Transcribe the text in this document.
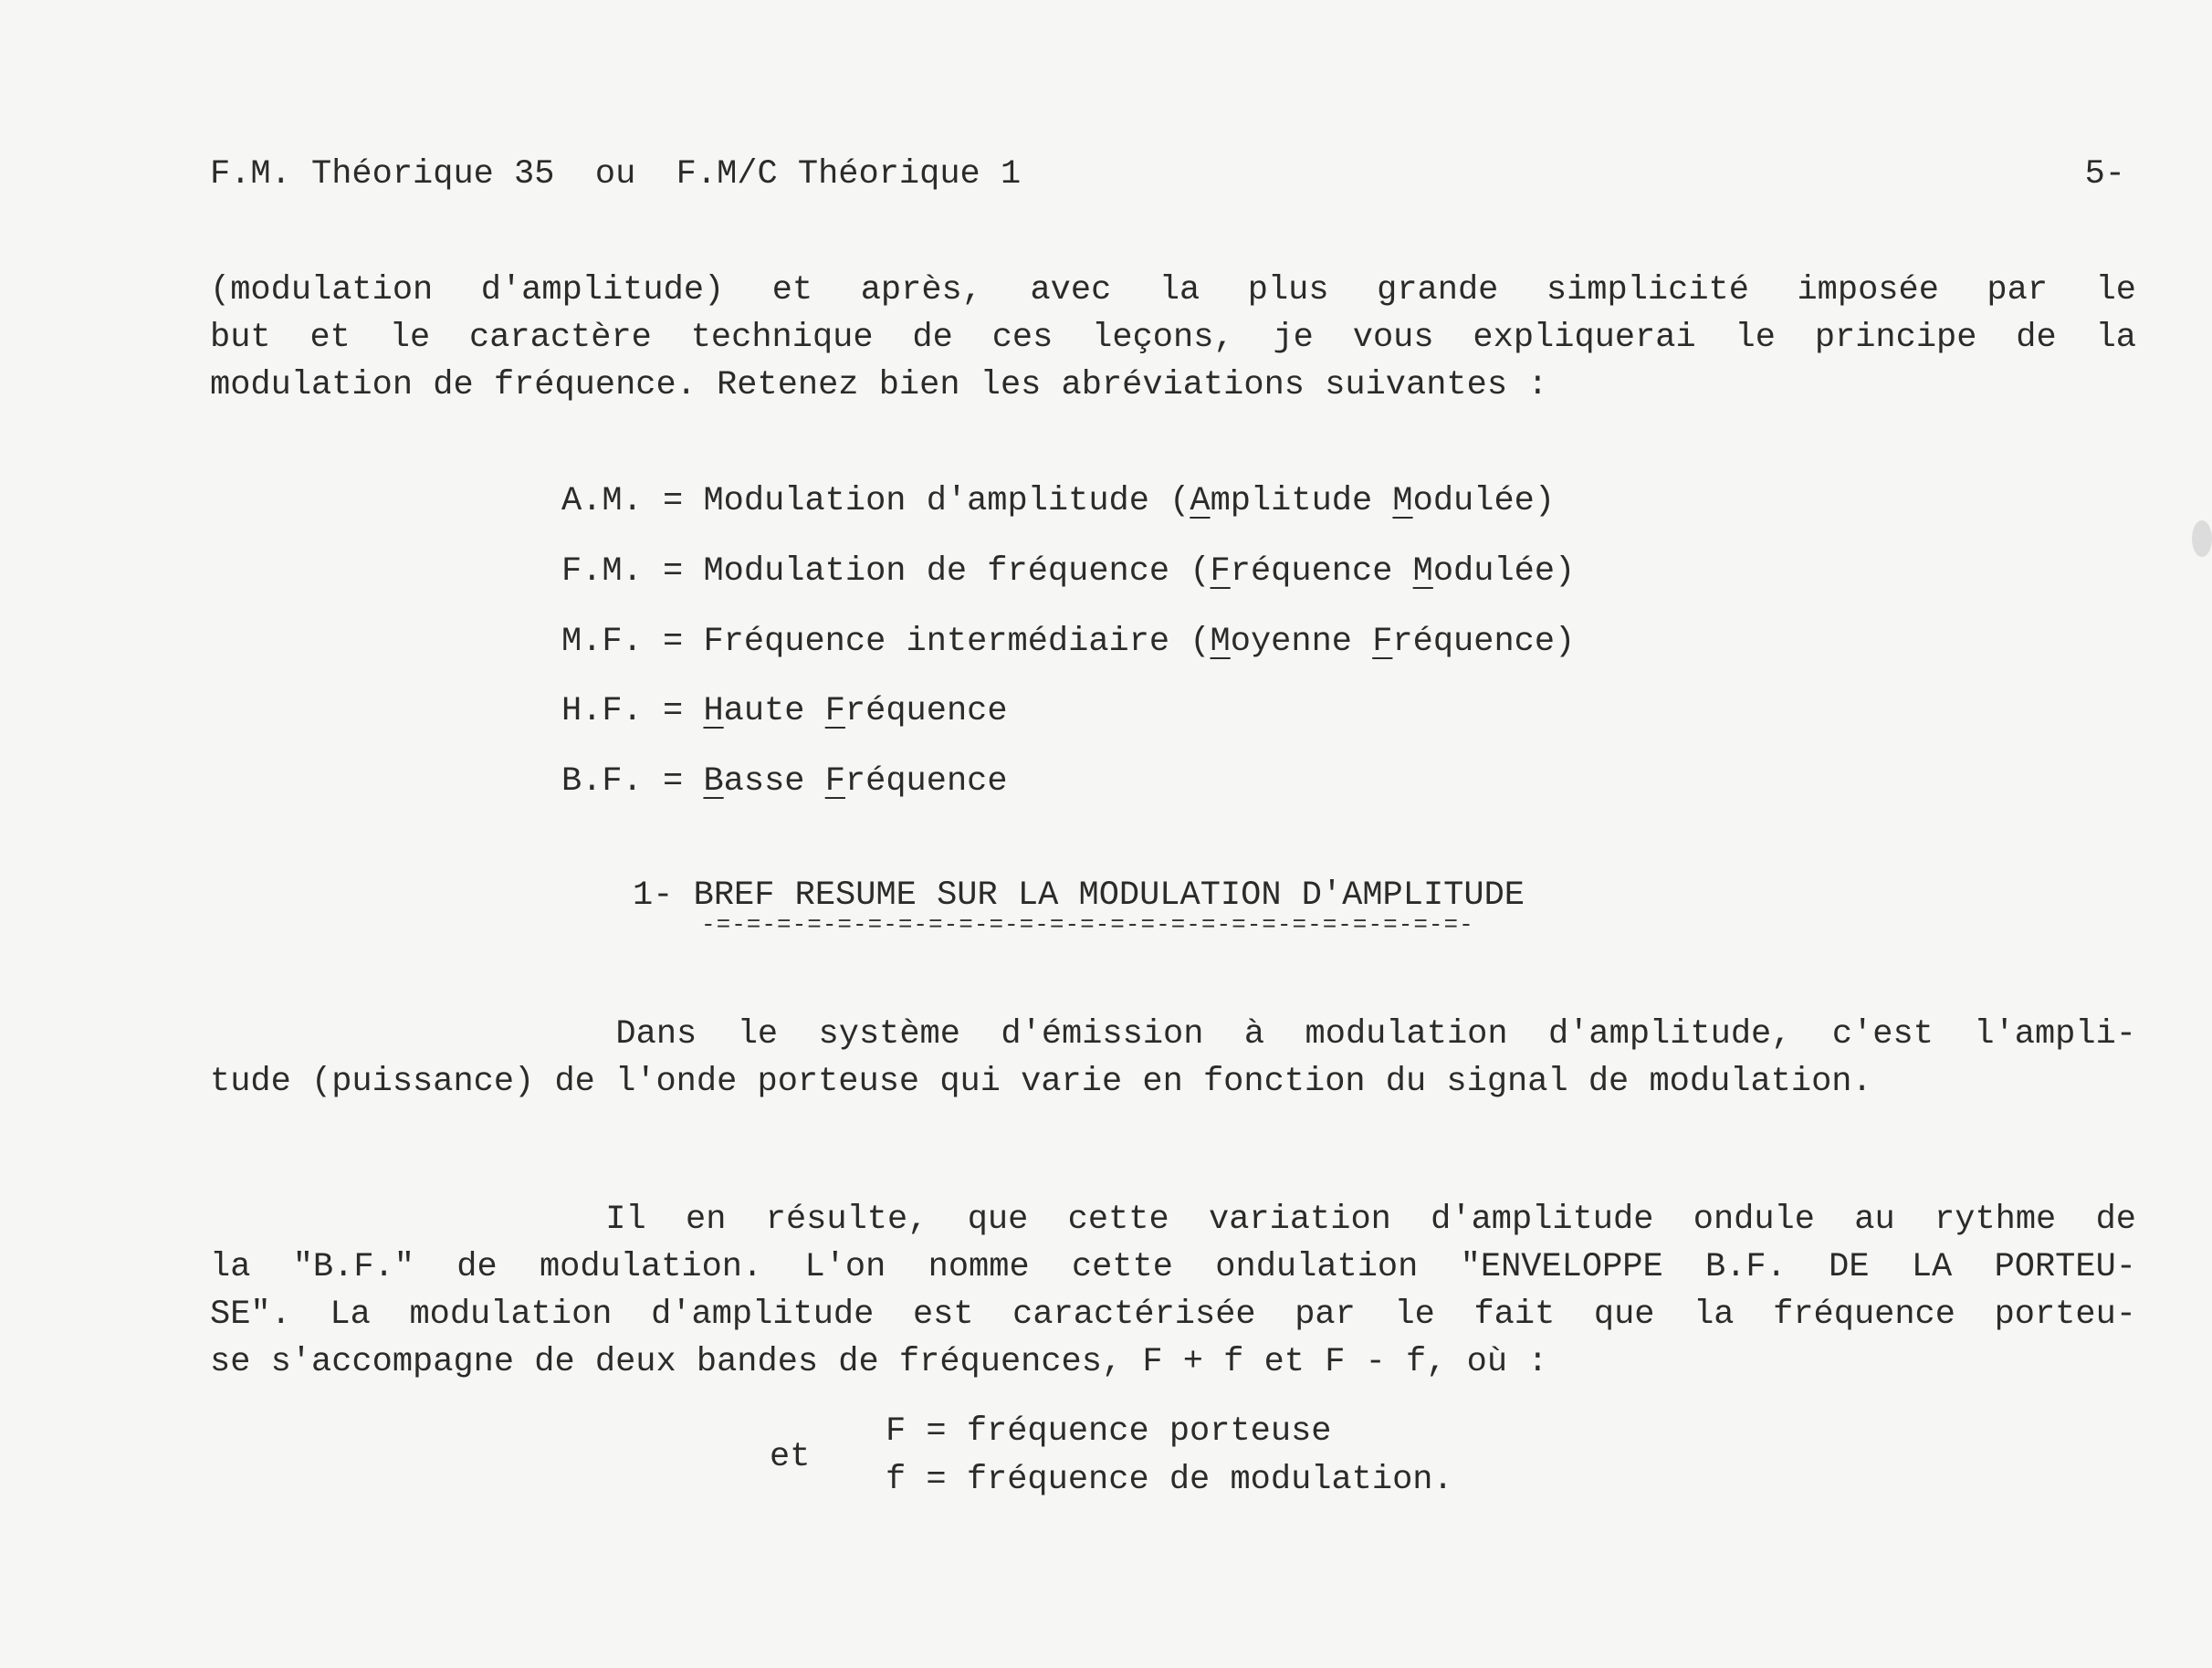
F.M. Théorique 35  ou  F.M/C Théorique 1	5-
(modulation d'amplitude) et après, avec la plus grande simplicité imposée par le
but et le caractère technique de ces leçons, je vous expliquerai le principe de la
modulation de fréquence. Retenez bien les abréviations suivantes :
A.M. = Modulation d'amplitude (Amplitude Modulée)
F.M. = Modulation de fréquence (Fréquence Modulée)
M.F. = Fréquence intermédiaire (Moyenne Fréquence)
H.F. = Haute Fréquence
B.F. = Basse Fréquence
1- BREF RESUME SUR LA MODULATION D'AMPLITUDE
-=-=-=-=-=-=-=-=-=-=-=-=-=-=-=-=-=-=-=-=-=-=-=-=-=-
Dans le système d'émission à modulation d'amplitude, c'est l'ampli-
tude (puissance) de l'onde porteuse qui varie en fonction du signal de modulation.
Il en résulte, que cette variation d'amplitude ondule au rythme de
la "B.F." de modulation. L'on nomme cette ondulation "ENVELOPPE B.F. DE LA PORTEU-
SE". La modulation d'amplitude est caractérisée par le fait que la fréquence porteu-
se s'accompagne de deux bandes de fréquences, F + f et F - f, où :
et
F = fréquence porteuse
f = fréquence de modulation.
